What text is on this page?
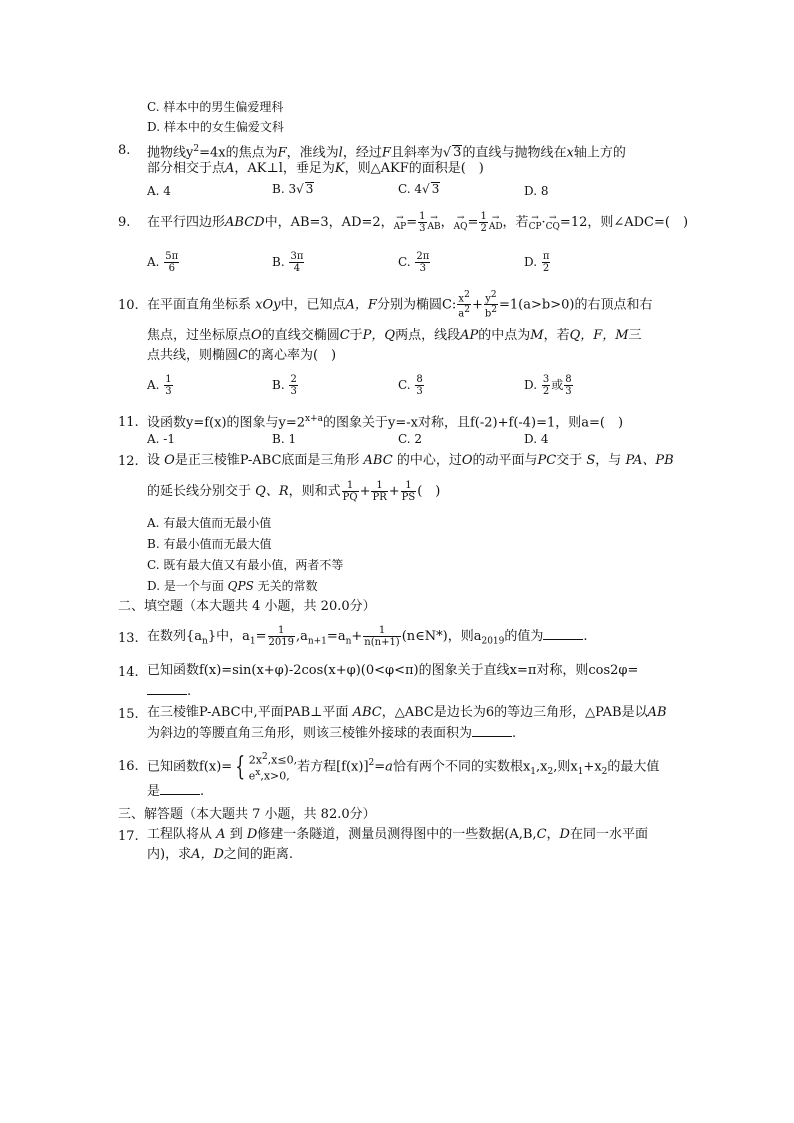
C. 样本中的男生偏爱理科
D. 样本中的女生偏爱文科
8. 抛物线$y^2=4x$的焦点为F，准线为l，经过F且斜率为√ 3的直线与抛物线在x轴上方的
部分相交于点A，AK⊥l，垂足为K，则△AKF的面积是(　)
A. 4	B. 3√ 3	C. 4√ 3	D. 8
9. 在平行四边形ABCD中，AB=3，AD=2， →
AP = $\frac{1}{3}$ →
AB ， →
AQ = $\frac{1}{2}$ →
AD ，若 →
CP · →
CQ =12，则∠ADC=(　)
A. $\frac{5\pi}{6}$	B. $\frac{3\pi}{4}$	C. $\frac{2\pi}{3}$	D. $\frac{\pi}{2}$
10. 在平面直角坐标系 xOy中，已知点A，F分别为椭圆C: $\frac{x^2}{a^2} + \frac{y^2}{b^2} =1(a>b>0)$的右顶点和右
焦点，过坐标原点O的直线交椭圆C于P，Q两点，线段AP的中点为M，若Q，F，M三
点共线，则椭圆C的离心率为(　)
A. $\frac{1}{3}$	B. $\frac{2}{3}$	C. $\frac{8}{3}$	D. $\frac{3}{2}$ 或 $\frac{8}{3}$
11. 设函数y=f(x)的图象与$y=2^{x+a}$的图象关于y=-x对称，且f(-2)+f(-4)=1，则a=(　)
A. -1	B. 1	C. 2	D. 4
12. 设 O是正三棱锥P-ABC底面是三角形 ABC 的中心，过O的动平面与PC交于 S，与 PA、PB
的延长线分别交于 Q、R，则和式 $\frac{1}{PQ} + \frac{1}{PR} + \frac{1}{PS}$ (　)
A. 有最大值而无最小值
B. 有最小值而无最大值
C. 既有最大值又有最小值，两者不等
D. 是一个与面 QPS 无关的常数
二、填空题（本大题共 4 小题，共 20.0分）
13. 在数列$\{a_n\}$中，$a_1= \frac{1}{2019} ,a_{n+1}=a_n+ \frac{1}{n(n+1)}$ (n∈N*)，则$a_{2019}$的值为	.
14. 已知函数f(x)=sin(x+φ)-2cos(x+φ)(0<φ<π)的图象关于直线x=π对称，则cos2φ=
.
15. 在三棱锥P-ABC中,平面PAB⊥平面 ABC，△ABC是边长为6的等边三角形，△PAB是以AB
为斜边的等腰直角三角形，则该三棱锥外接球的表面积为	.
16. 已知函数f(x)= { $2x^2,x\le 0$,
$e^x,x>0$,
若方程$[f(x)]^2=a$恰有两个不同的实数根$x_1,x_2$,则$x_1+x_2$的最大值
是	.
三、解答题（本大题共 7 小题，共 82.0分）
17. 工程队将从 A 到 D修建一条隧道，测量员测得图中的一些数据(A,B,C，D在同一水平面
内)，求A，D之间的距离.
